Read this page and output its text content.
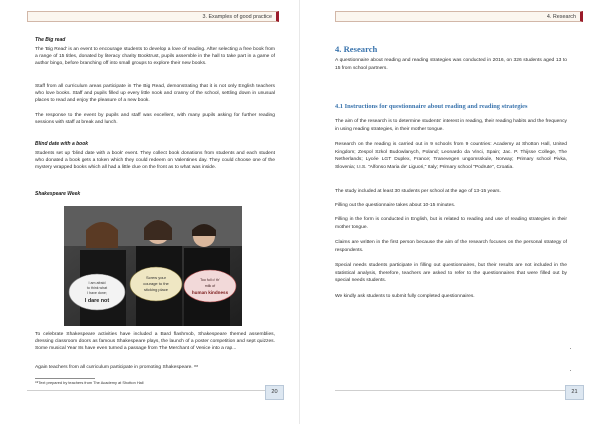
3. Examples of good practice
The Big read

The 'Big Read' is an event to encourage students to develop a love of reading. After selecting a free book from a range of 15 titles, donated by literacy charity Booktrust, pupils assemble in the hall to take part in a game of author bingo, before branching off into small groups to explore their new books.

Staff from all curriculum areas participate in The Big Read, demonstrating that it is not only English teachers who love books. Staff and pupils filled up every little nook and cranny of the school, settling down in unusual places to read and enjoy the pleasure of a new book.

The response to the event by pupils and staff was excellent, with many pupils asking for further reading sessions with staff at break and lunch.

Blind date with a book

Students set up 'blind date with a book' event. They collect book donations from students and each student who donated a book gets a token which they could redeem on Valentines day. They could choose one of the mystery wrapped books which all had a little clue on the front as to what was inside.

Shakespeare Week
I am afraid
to think what
I have done;
I dare not
Screw your
courage to the
sticking place
Too full o' th'
milk of
human kindness

To celebrate Shakespeare activities have included a Bard flashmob, Shakespeare themed assemblies, dressing classroom doors as famous Shakespeare plays, the launch of a poster competition and sept quizzes. Some musical Year 8s have even turned a passage from The Merchant of Venice into a rap...

Again teachers from all curriculum participate in promoting Shakespeare. ⁸⁸

⁸⁸Text prepared by teachers from The Academy at Shotton Hall

20
4. Research
4. Research

A questionnaire about reading and reading strategies was conducted in 2016, on 326 students aged 13 to 15 from school partners.

4.1 Instructions for questionnaire about reading and reading strategies

The aim of the research is to determine students' interest in reading, their reading habits and the frequency in using reading strategies, in their mother tongue.

Research on the reading is carried out in 9 schools from 9 countries: Academy at Shotton Hall, United Kingdom; Zespol Szkol Budowlanych, Poland; Leonardo da Vinci, Spain; Jac. P. Thijsse College, The Netherlands; Lycée LGT Duplex, France; Tranevegen ungomsskule, Norway; Primary school Pivka, Slovenia; I.I.S. "Alfonso Maria de' Liguori," Italy; Primary school "Podrute", Croatia.

The study included at least 30 students per school at the age of 13-15 years.

Filling out the questionnaire takes about 10-15 minutes.

Filling in the form is conducted in English, but is related to reading and use of reading strategies in their mother tongue.

Claims are written in the first person because the aim of the research focuses on the personal strategy of respondents.

Special needs students participate in filling out questionnaires, but their results are not included in the statistical analysis, therefore, teachers are asked to refer to the questionnaires that were filled out by special needs students.

We kindly ask students to submit fully completed questionnaires.

21
